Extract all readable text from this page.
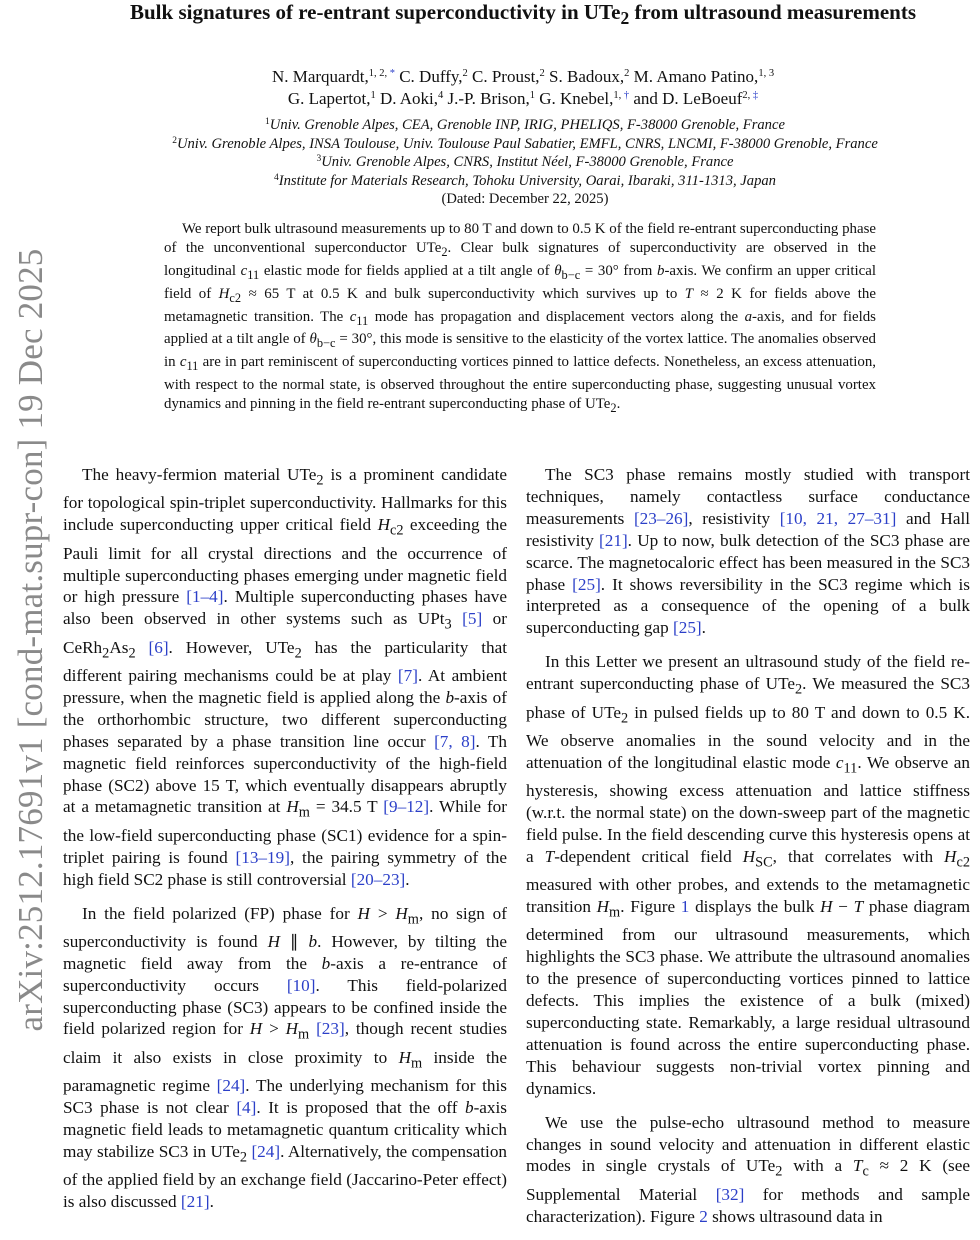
arXiv:2512.17691v1 [cond-mat.supr-con] 19 Dec 2025
Bulk signatures of re-entrant superconductivity in UTe$_2$ from ultrasound measurements
N. Marquardt,$^{1, 2, *}$ C. Duffy,$^2$ C. Proust,$^2$ S. Badoux,$^2$ M. Amano Patino,$^{1, 3}$
G. Lapertot,$^1$ D. Aoki,$^4$ J.-P. Brison,$^1$ G. Knebel,$^{1, \dagger}$ and D. LeBoeuf$^{2, \ddagger}$
$^1$Univ. Grenoble Alpes, CEA, Grenoble INP, IRIG, PHELIQS, F-38000 Grenoble, France
$^2$Univ. Grenoble Alpes, INSA Toulouse, Univ. Toulouse Paul Sabatier, EMFL, CNRS, LNCMI, F-38000 Grenoble, France
$^3$Univ. Grenoble Alpes, CNRS, Institut Néel, F-38000 Grenoble, France
$^4$Institute for Materials Research, Tohoku University, Oarai, Ibaraki, 311-1313, Japan
(Dated: December 22, 2025)
We report bulk ultrasound measurements up to 80 T and down to 0.5 K of the field re-entrant superconducting phase of the unconventional superconductor UTe$_2$. Clear bulk signatures of superconductivity are observed in the longitudinal $c_{11}$ elastic mode for fields applied at a tilt angle of $\theta_{b-c} = 30^\circ$ from b-axis. We confirm an upper critical field of $H_{c2} \approx 65$ T at 0.5 K and bulk superconductivity which survives up to T ≈ 2 K for fields above the metamagnetic transition. The $c_{11}$ mode has propagation and displacement vectors along the a-axis, and for fields applied at a tilt angle of $\theta_{b-c} = 30^\circ$, this mode is sensitive to the elasticity of the vortex lattice. The anomalies observed in $c_{11}$ are in part reminiscent of superconducting vortices pinned to lattice defects. Nonetheless, an excess attenuation, with respect to the normal state, is observed throughout the entire superconducting phase, suggesting unusual vortex dynamics and pinning in the field re-entrant superconducting phase of UTe$_2$.

The heavy-fermion material UTe$_2$ is a prominent candidate for topological spin-triplet superconductivity. Hallmarks for this include superconducting upper critical field $H_{c2}$ exceeding the Pauli limit for all crystal directions and the occurrence of multiple superconducting phases emerging under magnetic field or high pressure [1–4]. Multiple superconducting phases have also been observed in other systems such as UPt$_3$ [5] or $CeRh_2As_2$ [6]. However, UTe$_2$ has the particularity that different pairing mechanisms could be at play [7]. At ambient pressure, when the magnetic field is applied along the b-axis of the orthorhombic structure, two different superconducting phases separated by a phase transition line occur [7, 8]. Th magnetic field reinforces superconductivity of the high-field phase (SC2) above 15 T, which eventually disappears abruptly at a metamagnetic transition at $H_m = 34.5$ T [9–12]. While for the low-field superconducting phase (SC1) evidence for a spin-triplet pairing is found [13–19], the pairing symmetry of the high field SC2 phase is still controversial [20–23].

In the field polarized (FP) phase for $H > H_m$, no sign of superconductivity is found H ∥ b. However, by tilting the magnetic field away from the b-axis a re-entrance of superconductivity occurs [10]. This field-polarized superconducting phase (SC3) appears to be confined inside the field polarized region for $H > H_m$ [23], though recent studies claim it also exists in close proximity to $H_m$ inside the paramagnetic regime [24]. The underlying mechanism for this SC3 phase is not clear [4]. It is proposed that the off b-axis magnetic field leads to metamagnetic quantum criticality which may stabilize SC3 in UTe$_2$ [24]. Alternatively, the compensation of the applied field by an exchange field (Jaccarino-Peter effect) is also discussed [21].

The SC3 phase remains mostly studied with transport techniques, namely contactless surface conductance measurements [23–26], resistivity [10, 21, 27–31] and Hall resistivity [21]. Up to now, bulk detection of the SC3 phase are scarce. The magnetocaloric effect has been measured in the SC3 phase [25]. It shows reversibility in the SC3 regime which is interpreted as a consequence of the opening of a bulk superconducting gap [25].

In this Letter we present an ultrasound study of the field re-entrant superconducting phase of UTe$_2$. We measured the SC3 phase of UTe$_2$ in pulsed fields up to 80 T and down to 0.5 K. We observe anomalies in the sound velocity and in the attenuation of the longitudinal elastic mode $c_{11}$. We observe an hysteresis, showing excess attenuation and lattice stiffness (w.r.t. the normal state) on the down-sweep part of the magnetic field pulse. In the field descending curve this hysteresis opens at a T-dependent critical field $H_{SC}$, that correlates with $H_{c2}$ measured with other probes, and extends to the metamagnetic transition $H_m$. Figure 1 displays the bulk H − T phase diagram determined from our ultrasound measurements, which highlights the SC3 phase. We attribute the ultrasound anomalies to the presence of superconducting vortices pinned to lattice defects. This implies the existence of a bulk (mixed) superconducting state. Remarkably, a large residual ultrasound attenuation is found across the entire superconducting phase. This behaviour suggests non-trivial vortex pinning and dynamics.

We use the pulse-echo ultrasound method to measure changes in sound velocity and attenuation in different elastic modes in single crystals of UTe$_2$ with a $T_c \approx 2$ K (see Supplemental Material [32] for methods and sample characterization). Figure 2 shows ultrasound data in
